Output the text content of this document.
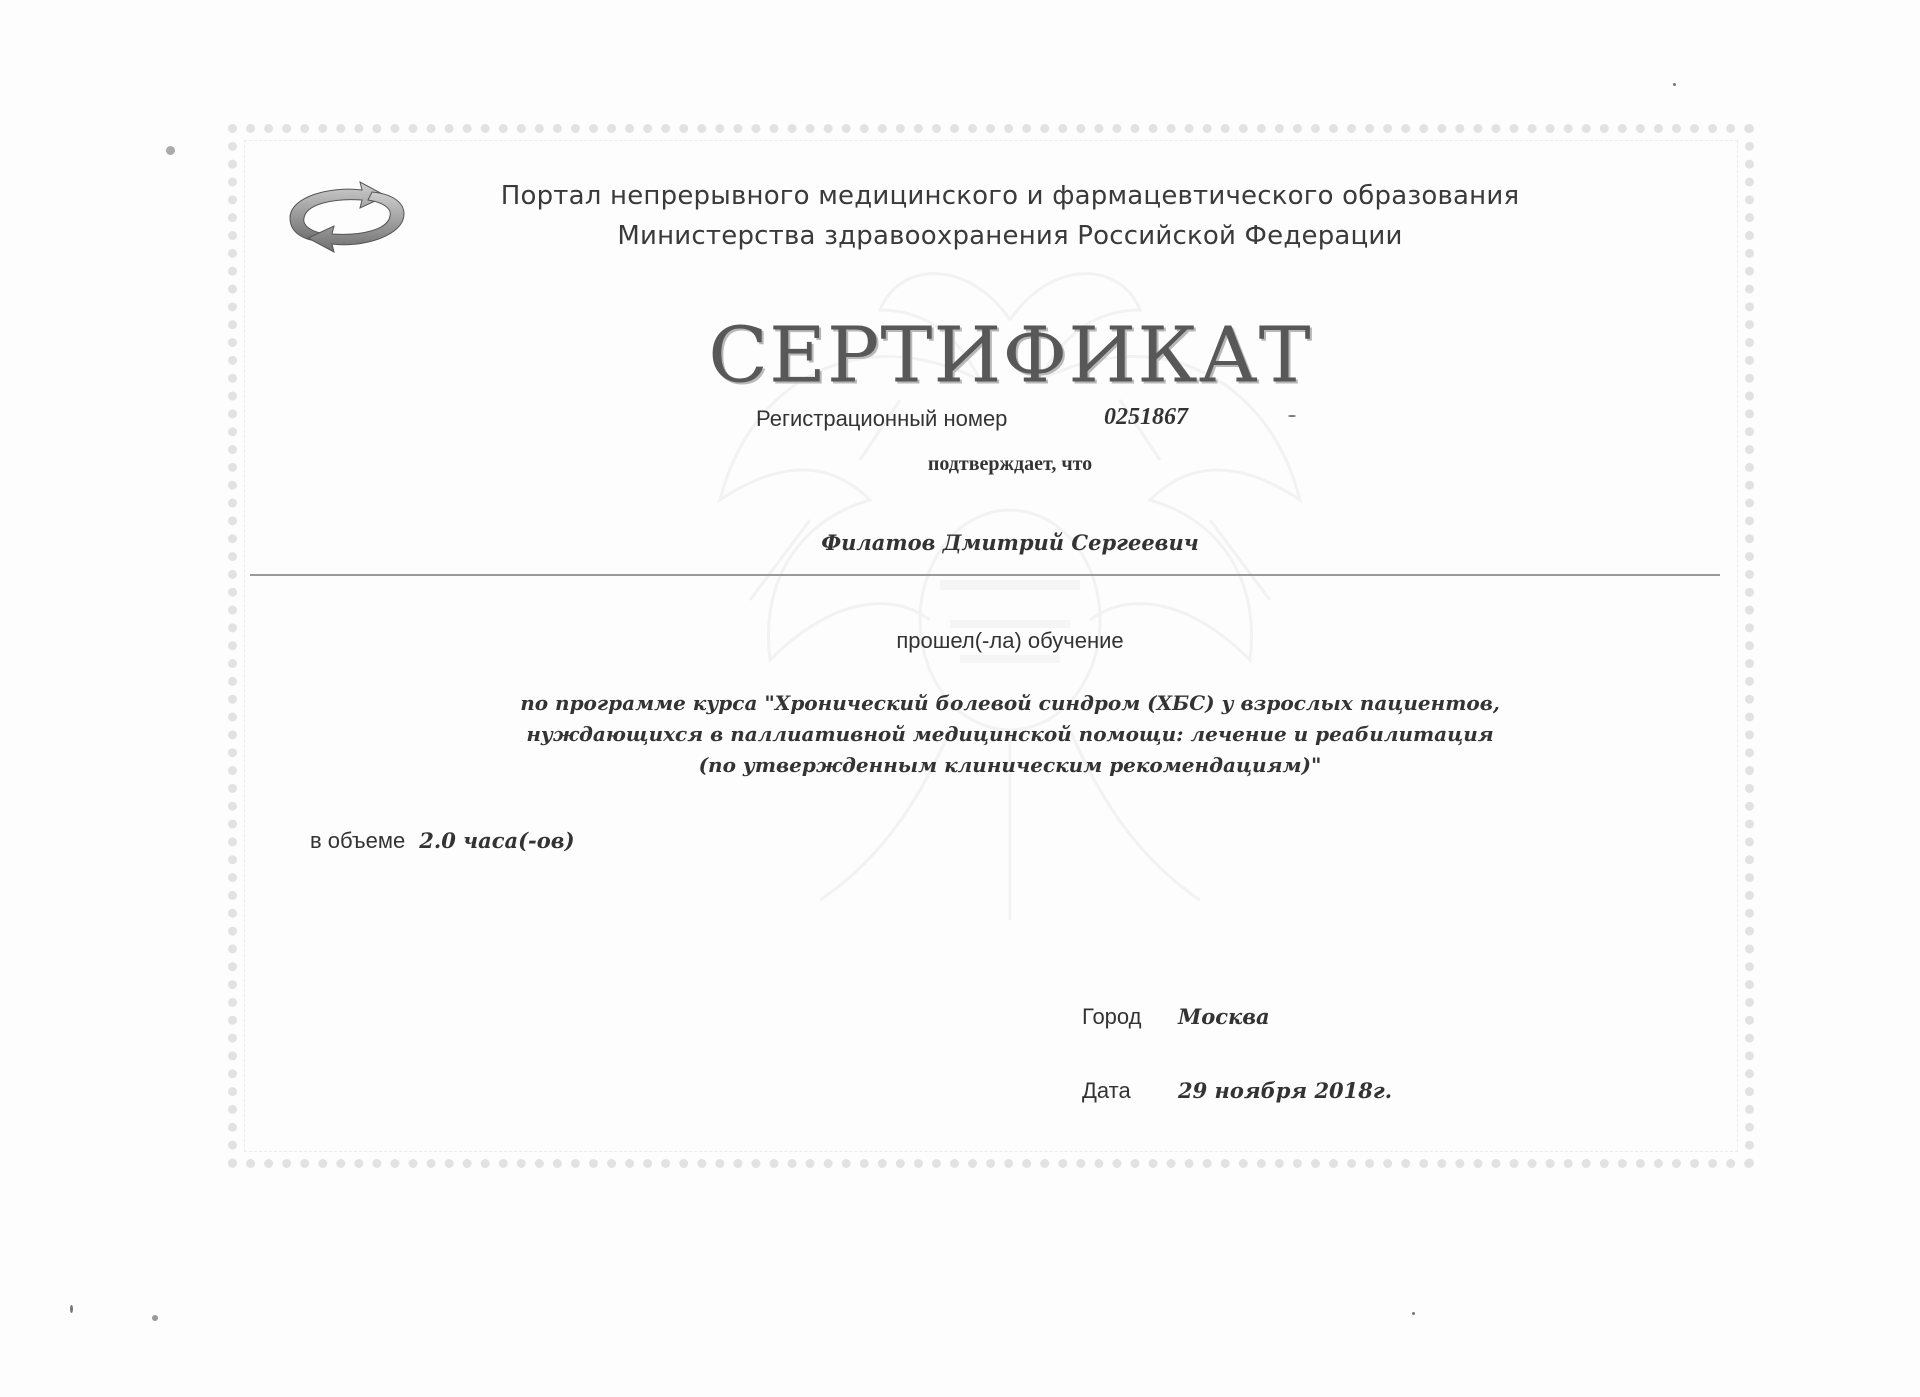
Портал непрерывного медицинского и фармацевтического образования
Министерства здравоохранения Российской Федерации
СЕРТИФИКАТ
Регистрационный номер	0251867
подтверждает, что
Филатов Дмитрий Сергеевич
прошел(-ла) обучение
по программе курса "Хронический болевой синдром (ХБС) у взрослых пациентов,
нуждающихся в паллиативной медицинской помощи: лечение и реабилитация
(по утвержденным клиническим рекомендациям)"
в объеме 2.0 часа(-ов)
Город Москва
Дата 29 ноября 2018г.
